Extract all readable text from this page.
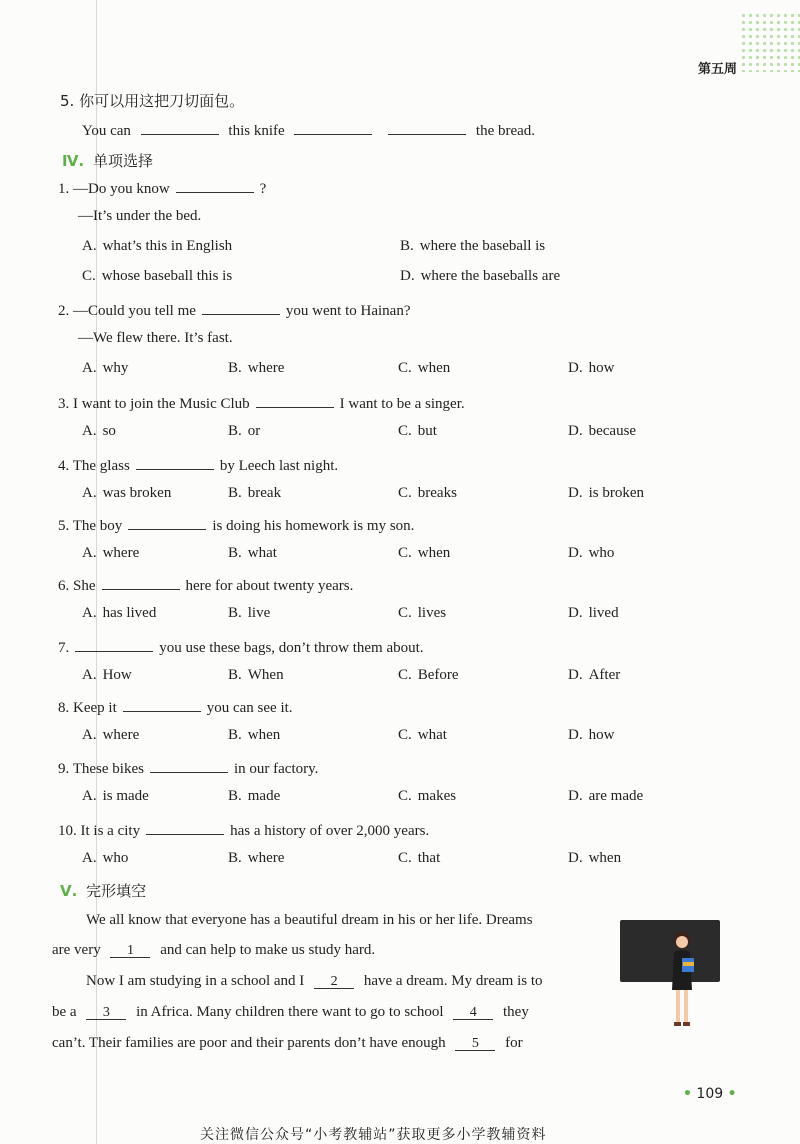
第五周
5. 你可以用这把刀切面包。
You can	this knife	the bread.
Ⅳ. 单项选择
1. —Do you know	?
—It’s under the bed.
A. what’s this in English	B. where the baseball is
C. whose baseball this is	D. where the baseballs are
2. —Could you tell me	you went to Hainan?
—We flew there. It’s fast.
A. why	B. where	C. when	D. how
3. I want to join the Music Club	I want to be a singer.
A. so	B. or	C. but	D. because
4. The glass	by Leech last night.
A. was broken	B. break	C. breaks	D. is broken
5. The boy	is doing his homework is my son.
A. where	B. what	C. when	D. who
6. She	here for about twenty years.
A. has lived	B. live	C. lives	D. lived
7.	you use these bags, don’t throw them about.
A. How	B. When	C. Before	D. After
8. Keep it	you can see it.
A. where	B. when	C. what	D. how
9. These bikes	in our factory.
A. is made	B. made	C. makes	D. are made
10. It is a city	has a history of over 2,000 years.
A. who	B. where	C. that	D. when
Ⅴ. 完形填空
We all know that everyone has a beautiful dream in his or her life. Dreams
are very 1 and can help to make us study hard.
Now I am studying in a school and I 2 have a dream. My dream is to
be a 3 in Africa. Many children there want to go to school 4 they
can’t. Their families are poor and their parents don’t have enough 5 for
• 109 •
关注微信公众号“小考教辅站”获取更多小学教辅资料
